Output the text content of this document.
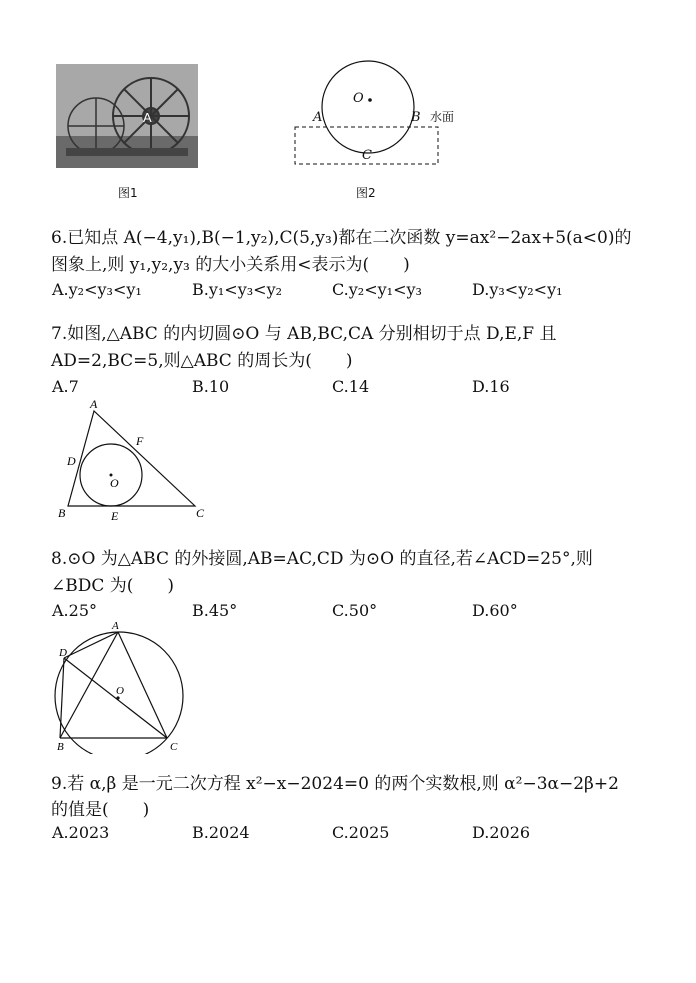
A
图1
O
A	B
C
水面
图2
6.已知点 A(−4,y₁),B(−1,y₂),C(5,y₃)都在二次函数 y=ax²−2ax+5(a<0)的
图象上,则 y₁,y₂,y₃ 的大小关系用<表示为(　　)
A.y₂<y₃<y₁	B.y₁<y₃<y₂	C.y₂<y₁<y₃	D.y₃<y₂<y₁
7.如图,△ABC 的内切圆⊙O 与 AB,BC,CA 分别相切于点 D,E,F 且
AD=2,BC=5,则△ABC 的周长为(　　)
A.7	B.10	C.14	D.16
A
B	C
D
E
F
O
8.⊙O 为△ABC 的外接圆,AB=AC,CD 为⊙O 的直径,若∠ACD=25°,则
∠BDC 为(　　)
A.25°	B.45°	C.50°	D.60°
A
B	C
D
O
9.若 α,β 是一元二次方程 x²−x−2024=0 的两个实数根,则 α²−3α−2β+2
的值是(　　)
A.2023	B.2024	C.2025	D.2026
